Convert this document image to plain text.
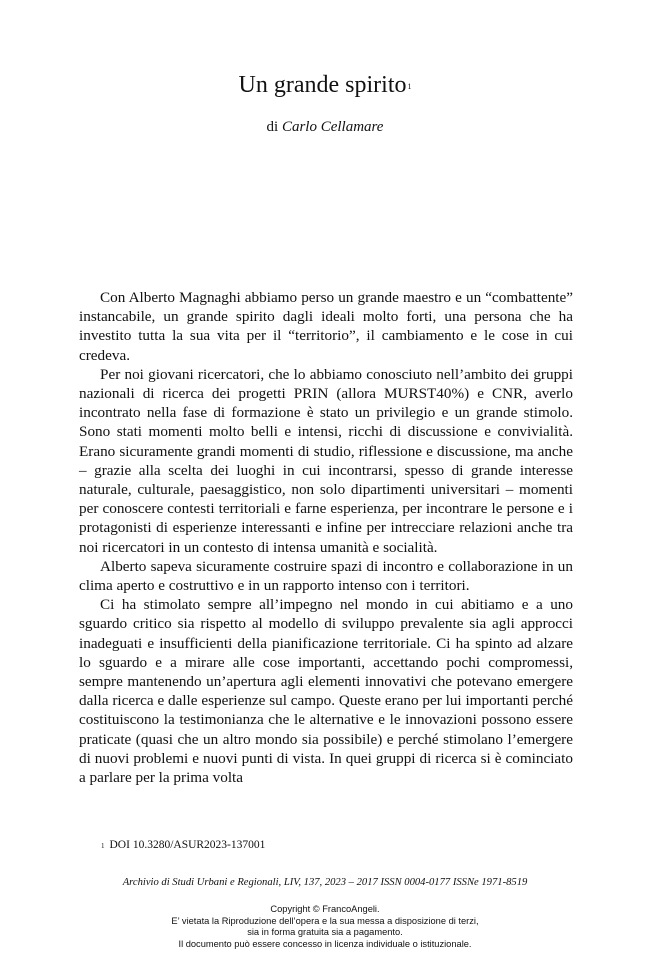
Un grande spirito$^1$
di Carlo Cellamare

Con Alberto Magnaghi abbiamo perso un grande maestro e un “combattente” instancabile, un grande spirito dagli ideali molto forti, una persona che ha investito tutta la sua vita per il “territorio”, il cambiamento e le cose in cui credeva.

Per noi giovani ricercatori, che lo abbiamo conosciuto nell’ambito dei gruppi nazionali di ricerca dei progetti PRIN (allora MURST40%) e CNR, averlo incontrato nella fase di formazione è stato un privilegio e un grande stimolo. Sono stati momenti molto belli e intensi, ricchi di discussione e convivialità. Erano sicuramente grandi momenti di studio, riflessione e discussione, ma anche – grazie alla scelta dei luoghi in cui incontrarsi, spesso di grande interesse naturale, culturale, paesaggistico, non solo dipartimenti universitari – momenti per conoscere contesti territoriali e farne esperienza, per incontrare le persone e i protagonisti di esperienze interessanti e infine per intrecciare relazioni anche tra noi ricercatori in un contesto di intensa umanità e socialità.

Alberto sapeva sicuramente costruire spazi di incontro e collaborazione in un clima aperto e costruttivo e in un rapporto intenso con i territori.

Ci ha stimolato sempre all’impegno nel mondo in cui abitiamo e a uno sguardo critico sia rispetto al modello di sviluppo prevalente sia agli approcci inadeguati e insufficienti della pianificazione territoriale. Ci ha spinto ad alzare lo sguardo e a mirare alle cose importanti, accettando pochi compromessi, sempre mantenendo un’apertura agli elementi innovativi che potevano emergere dalla ricerca e dalle esperienze sul campo. Queste erano per lui importanti perché costituiscono la testimonianza che le alternative e le innovazioni possono essere praticate (quasi che un altro mondo sia possibile) e perché stimolano l’emergere di nuovi problemi e nuovi punti di vista. In quei gruppi di ricerca si è cominciato a parlare per la prima volta

$^1$ DOI 10.3280/ASUR2023-137001
Archivio di Studi Urbani e Regionali, LIV, 137, 2023 – 2017 ISSN 0004-0177 ISSNe 1971-8519
Copyright © FrancoAngeli.
E’ vietata la Riproduzione dell’opera e la sua messa a disposizione di terzi,
sia in forma gratuita sia a pagamento.
Il documento può essere concesso in licenza individuale o istituzionale.
